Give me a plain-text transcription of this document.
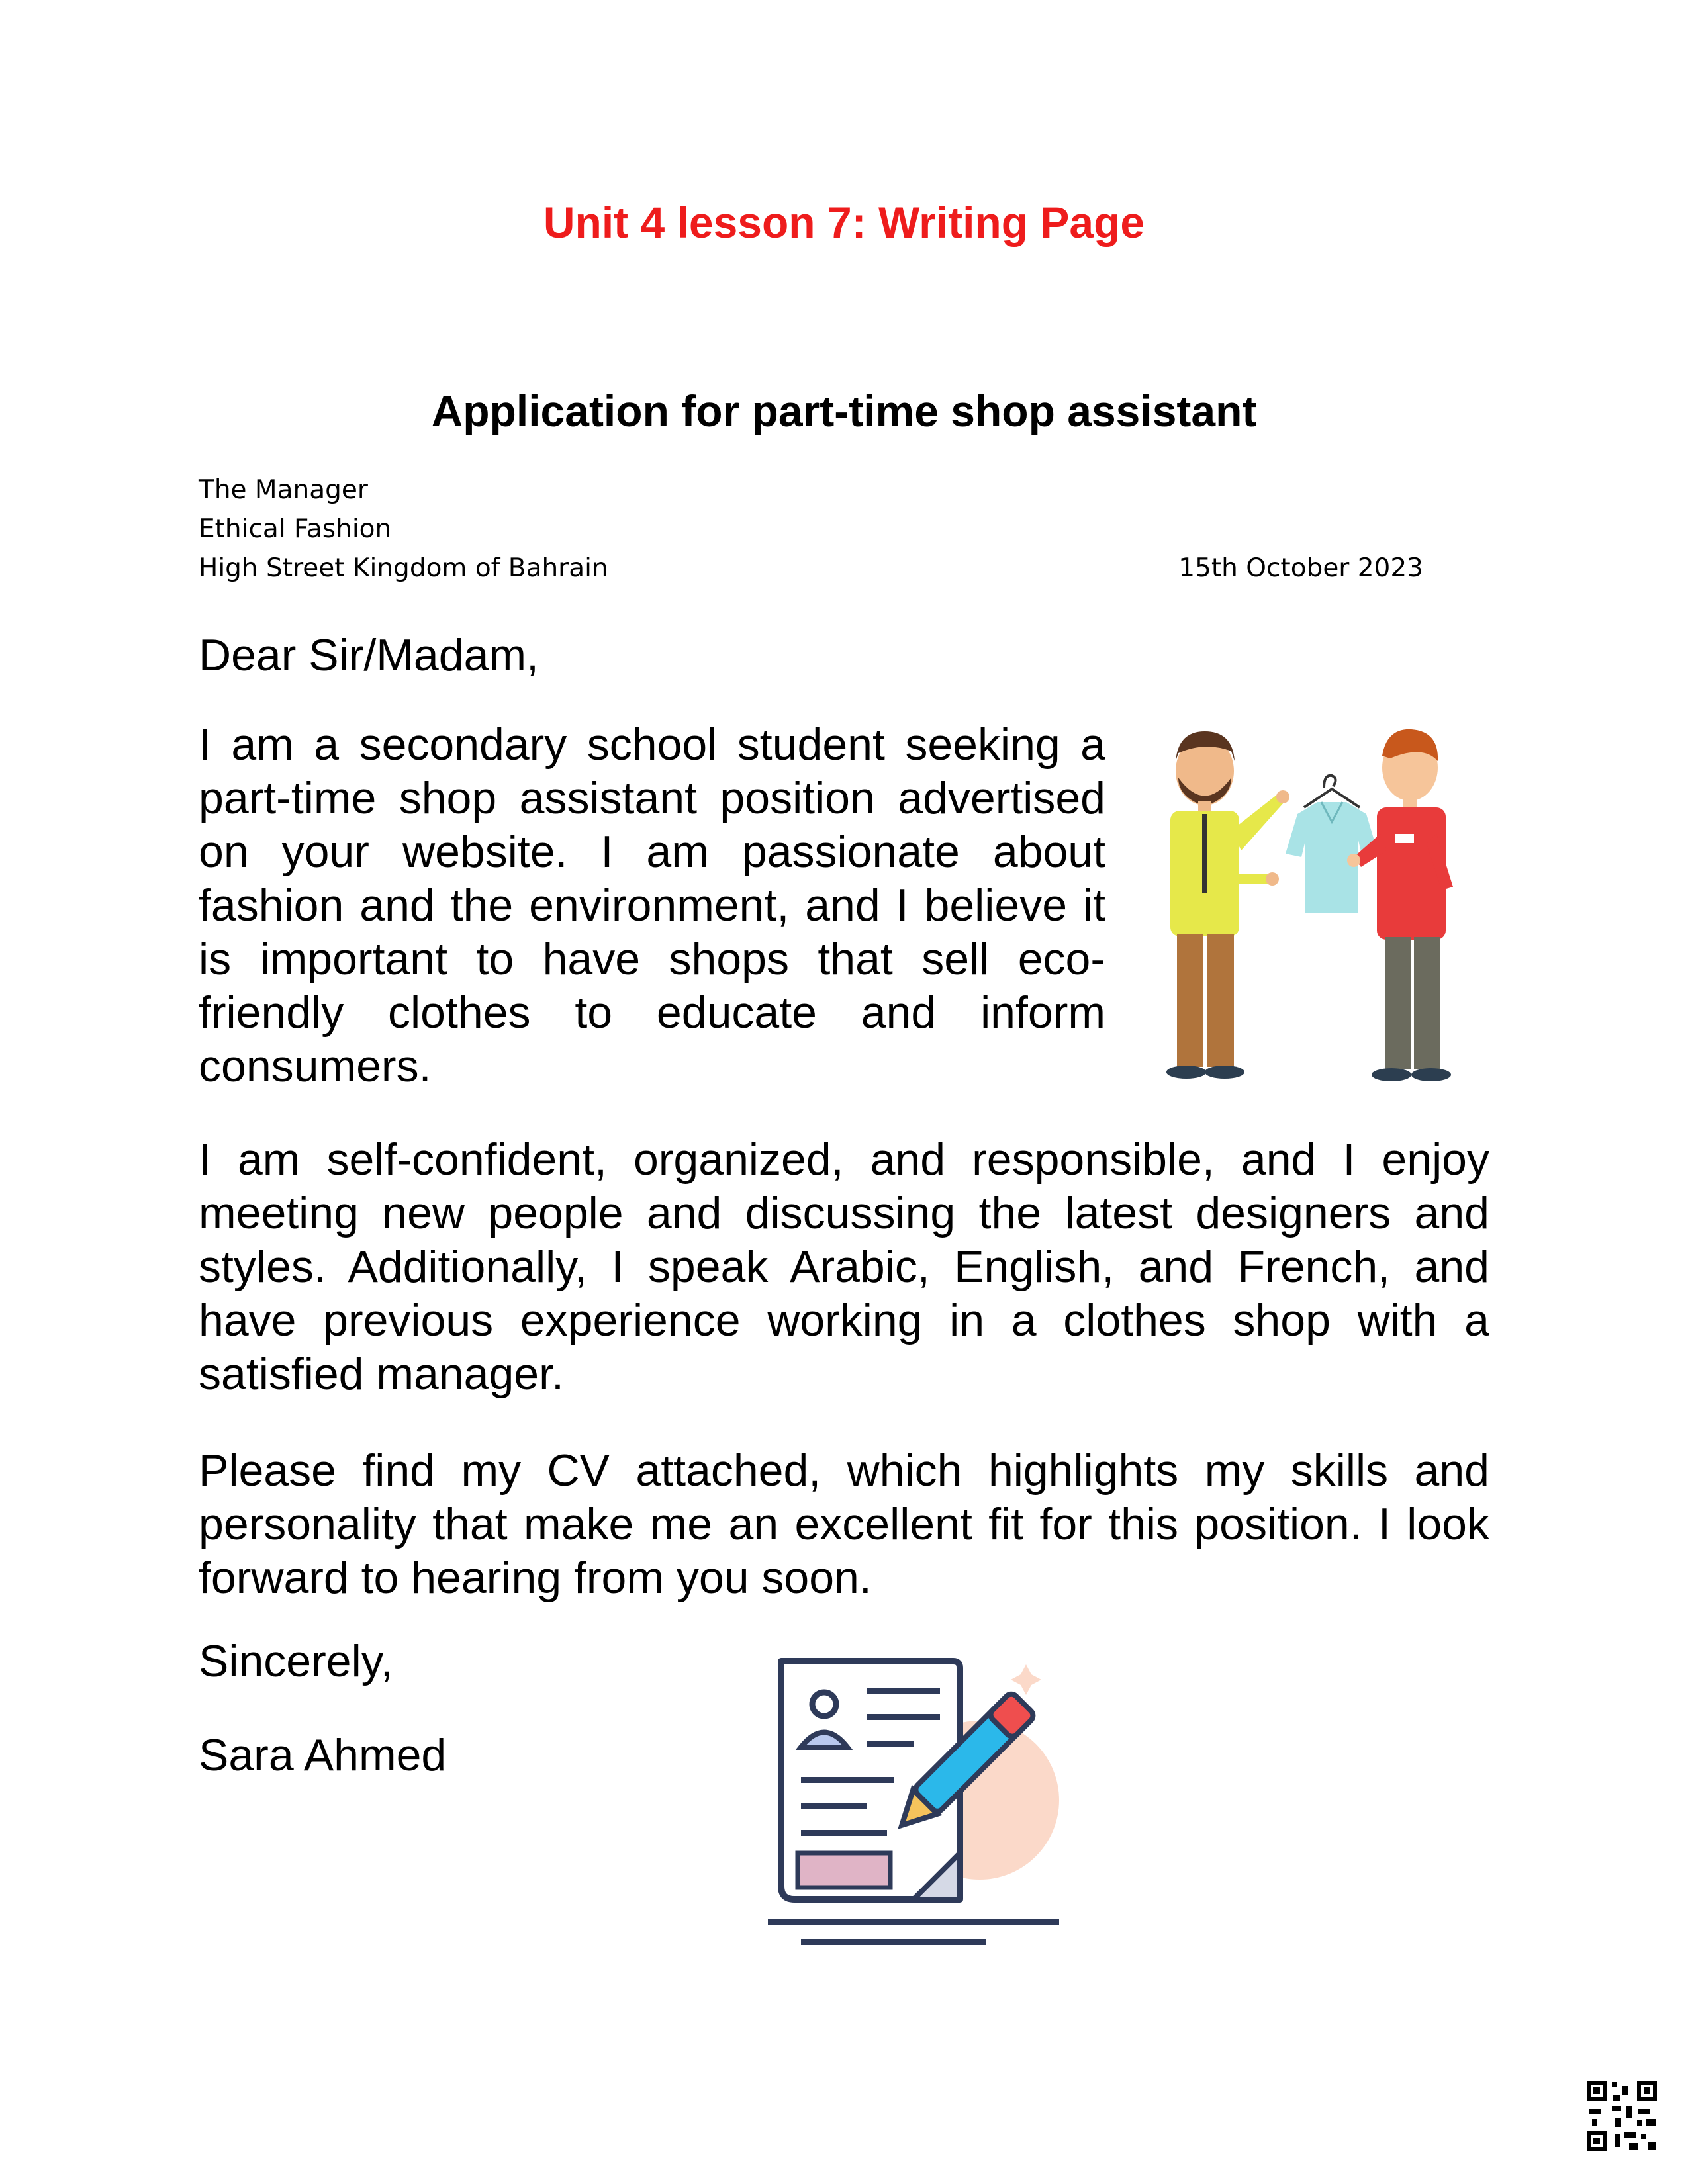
Unit 4 lesson 7: Writing Page
Application for part-time shop assistant
The Manager
Ethical Fashion
High Street Kingdom of Bahrain	15th October 2023
Dear Sir/Madam,
I am a secondary school student seeking a part-time shop assistant position advertised on your website. I am passionate about fashion and the environment, and I believe it is important to have shops that sell eco-friendly clothes to educate and inform consumers.
I am self-confident, organized, and responsible, and I enjoy meeting new people and discussing the latest designers and styles. Additionally, I speak Arabic, English, and French, and have previous experience working in a clothes shop with a satisfied manager.
Please find my CV attached, which highlights my skills and personality that make me an excellent fit for this position. I look forward to hearing from you soon.
Sincerely,
Sara Ahmed
